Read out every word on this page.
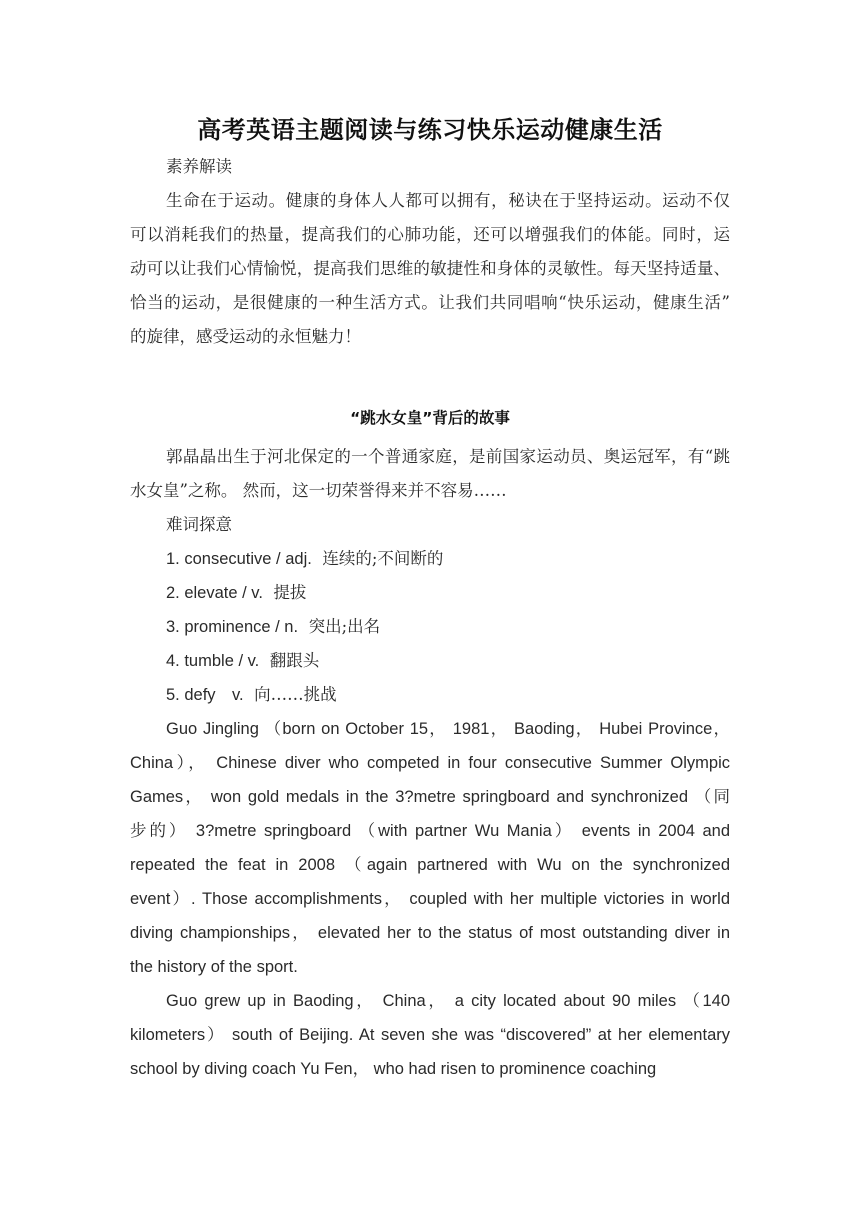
高考英语主题阅读与练习快乐运动健康生活
素养解读
生命在于运动。健康的身体人人都可以拥有，秘诀在于坚持运动。运动不仅
可以消耗我们的热量，提高我们的心肺功能，还可以增强我们的体能。同时，运
动可以让我们心情愉悦，提高我们思维的敏捷性和身体的灵敏性。每天坚持适量、
恰当的运动，是很健康的一种生活方式。让我们共同唱响“快乐运动，健康生活”
的旋律，感受运动的永恒魅力！
“跳水女皇”背后的故事
郭晶晶出生于河北保定的一个普通家庭，是前国家运动员、奥运冠军，有“跳
水女皇”之称。 然而，这一切荣誉得来并不容易……
难词探意
1. consecutive / adj. 连续的;不间断的
2. elevate / v. 提拔
3. prominence / n. 突出;出名
4. tumble / v. 翻跟头
5. defy　v. 向……挑战
Guo Jingling （born on October 15， 1981， Baoding， Hubei Province，
China）， Chinese diver who competed in four consecutive Summer Olympic
Games， won gold medals in the 3?metre springboard and synchronized （同
步的） 3?metre springboard （with partner Wu Mania） events in 2004 and
repeated the feat in 2008 （again partnered with Wu on the synchronized
event）. Those accomplishments， coupled with her multiple victories in world
diving championships， elevated her to the status of most outstanding diver in
the history of the sport.
Guo grew up in Baoding， China， a city located about 90 miles （140
kilometers） south of Beijing. At seven she was “discovered” at her elementary
school by diving coach Yu Fen， who had risen to prominence coaching
